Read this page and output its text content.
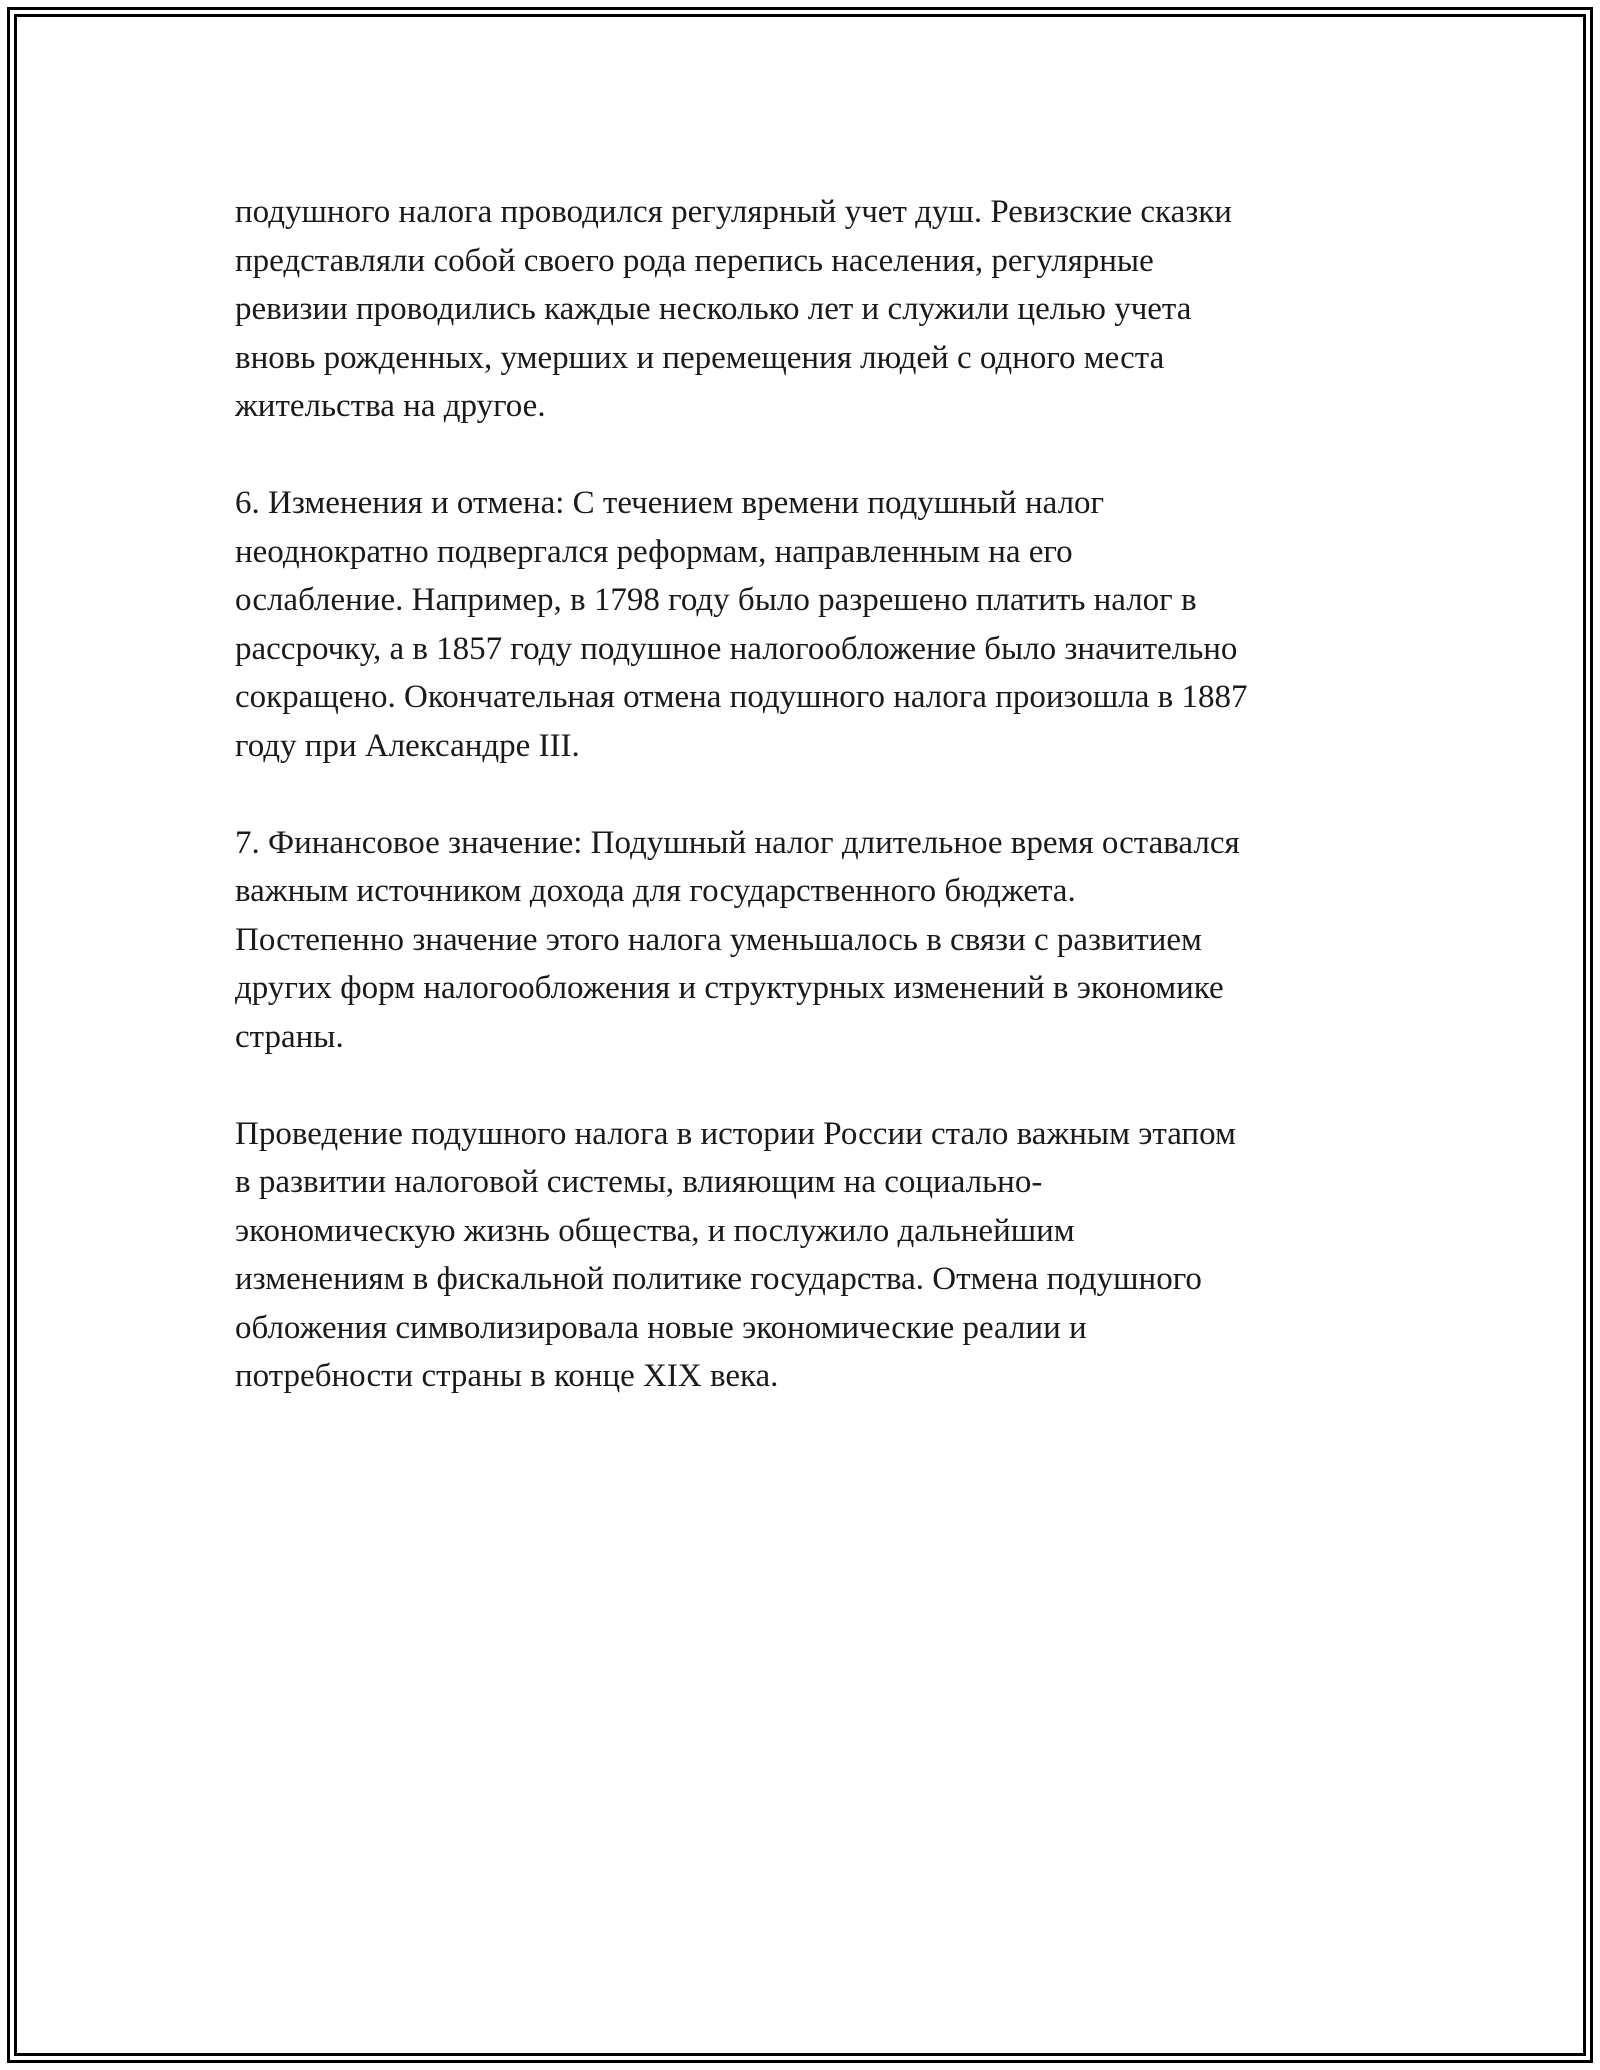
подушного налога проводился регулярный учет душ. Ревизские сказки
представляли собой своего рода перепись населения, регулярные
ревизии проводились каждые несколько лет и служили целью учета
вновь рожденных, умерших и перемещения людей с одного места
жительства на другое.

6. Изменения и отмена: С течением времени подушный налог
неоднократно подвергался реформам, направленным на его
ослабление. Например, в 1798 году было разрешено платить налог в
рассрочку, а в 1857 году подушное налогообложение было значительно
сокращено. Окончательная отмена подушного налога произошла в 1887
году при Александре III.

7. Финансовое значение: Подушный налог длительное время оставался
важным источником дохода для государственного бюджета.
Постепенно значение этого налога уменьшалось в связи с развитием
других форм налогообложения и структурных изменений в экономике
страны.

Проведение подушного налога в истории России стало важным этапом
в развитии налоговой системы, влияющим на социально-
экономическую жизнь общества, и послужило дальнейшим
изменениям в фискальной политике государства. Отмена подушного
обложения символизировала новые экономические реалии и
потребности страны в конце XIX века.
